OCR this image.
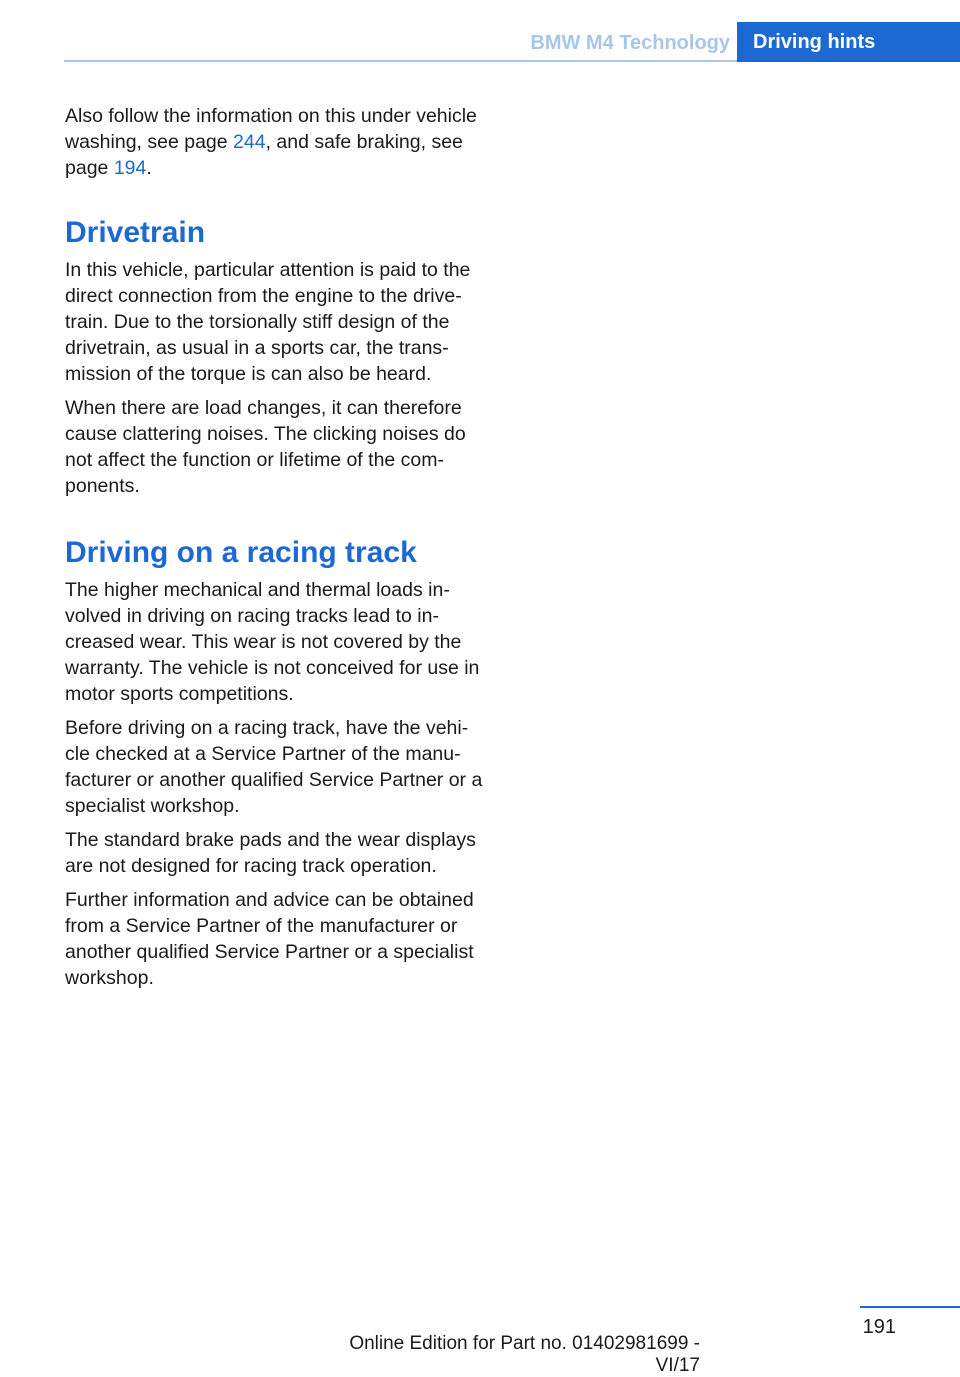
BMW M4 Technology	Driving hints

Also follow the information on this under vehicle washing, see page 244, and safe braking, see page 194.

Drivetrain

In this vehicle, particular attention is paid to the direct connection from the engine to the drivetrain. Due to the torsionally stiff design of the drivetrain, as usual in a sports car, the transmission of the torque is can also be heard.

When there are load changes, it can therefore cause clattering noises. The clicking noises do not affect the function or lifetime of the components.

Driving on a racing track

The higher mechanical and thermal loads involved in driving on racing tracks lead to increased wear. This wear is not covered by the warranty. The vehicle is not conceived for use in motor sports competitions.

Before driving on a racing track, have the vehicle checked at a Service Partner of the manufacturer or another qualified Service Partner or a specialist workshop.

The standard brake pads and the wear displays are not designed for racing track operation.

Further information and advice can be obtained from a Service Partner of the manufacturer or another qualified Service Partner or a specialist workshop.

191
Online Edition for Part no. 01402981699 - VI/17
